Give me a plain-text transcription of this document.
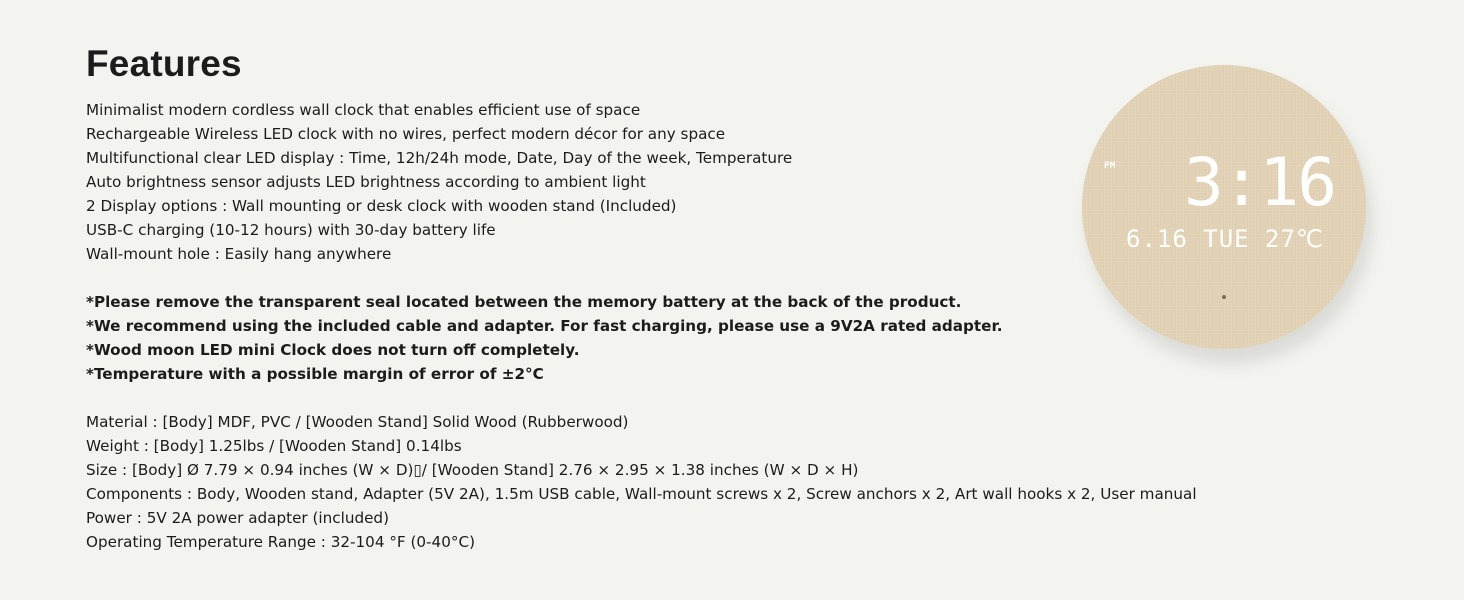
Features
Minimalist modern cordless wall clock that enables efficient use of space
Rechargeable Wireless LED clock with no wires, perfect modern décor for any space
Multifunctional clear LED display : Time, 12h/24h mode, Date, Day of the week, Temperature
Auto brightness sensor adjusts LED brightness according to ambient light
2 Display options : Wall mounting or desk clock with wooden stand (Included)
USB-C charging (10-12 hours) with 30-day battery life
Wall-mount hole : Easily hang anywhere
*Please remove the transparent seal located between the memory battery at the back of the product.
*We recommend using the included cable and adapter. For fast charging, please use a 9V2A rated adapter.
*Wood moon LED mini Clock does not turn off completely.
*Temperature with a possible margin of error of ±2°C
Material : [Body] MDF, PVC / [Wooden Stand] Solid Wood (Rubberwood)
Weight : [Body] 1.25lbs / [Wooden Stand] 0.14lbs
Size : [Body] Ø 7.79 × 0.94 inches (W × D)▯/ [Wooden Stand] 2.76 × 2.95 × 1.38 inches (W × D × H)
Components : Body, Wooden stand, Adapter (5V 2A), 1.5m USB cable, Wall-mount screws x 2, Screw anchors x 2, Art wall hooks x 2, User manual
Power : 5V 2A power adapter (included)
Operating Temperature Range : 32-104 °F (0-40°C)
PM 3:16
6.16 TUE 27℃
